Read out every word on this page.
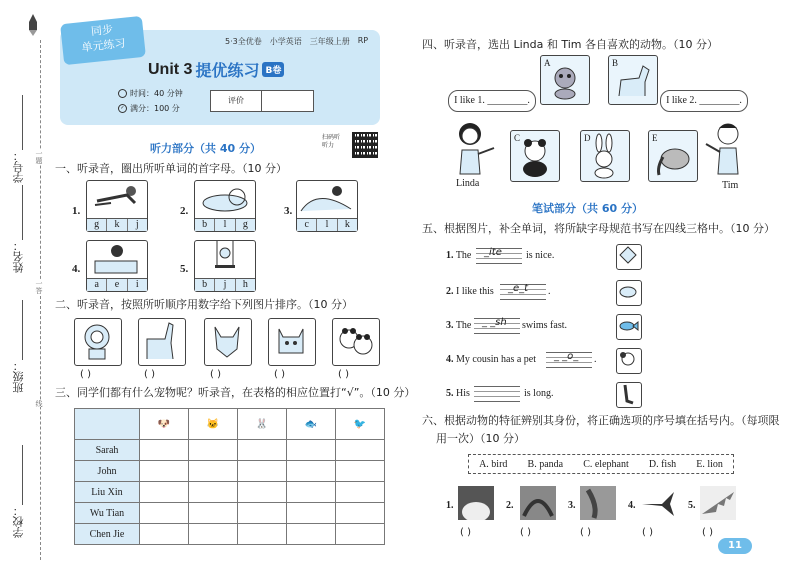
学号：
姓名：
班级：
学校：
一题
一答
线
5·3全优卷 小学英语 三年级上册 RP
同步
单元练习
Unit 3 提优练习 B卷
时间：40 分钟
✓ 满分：100 分
评价
听力部分（共 40 分）
扫码听听力
一、听录音，圈出所听单词的首字母。（10 分）
1.
g	k	j
2.
b	l	g
3.
c	l	k
4.
a	e	i
5.
b	j	h
二、听录音，按照所听顺序用数字给下列图片排序。（10 分）
( )	( )	( )	( )	( )
三、同学们都有什么宠物呢？听录音，在表格的相应位置打“√”。（10 分）
	🐶	🐱	🐰	🐟	🐦
Sarah					
John					
Liu Xin					
Wu Tian					
Chen Jie					
四、听录音，选出 Linda 和 Tim 各自喜欢的动物。（10 分）
I like 1. ________.	I like 2. ________.
A	B
C	D	E
Linda	Tim
笔试部分（共 60 分）
五、根据图片，补全单词，将所缺字母规范书写在四线三格中。（10 分）
1. The	_ite is nice.
2. I like this _e_t .
3. The _ _sh swims fast.
4. My cousin has a pet _ _o_ .
5. His	is long.
六、根据动物的特征辨别其身份，将正确选项的序号填在括号内。（每项限
用一次）（10 分）
A. bird B. panda C. elephant D. fish E. lion
1.	2.	3.	4.	5.
( )	( )	( )	( )	( )
11
